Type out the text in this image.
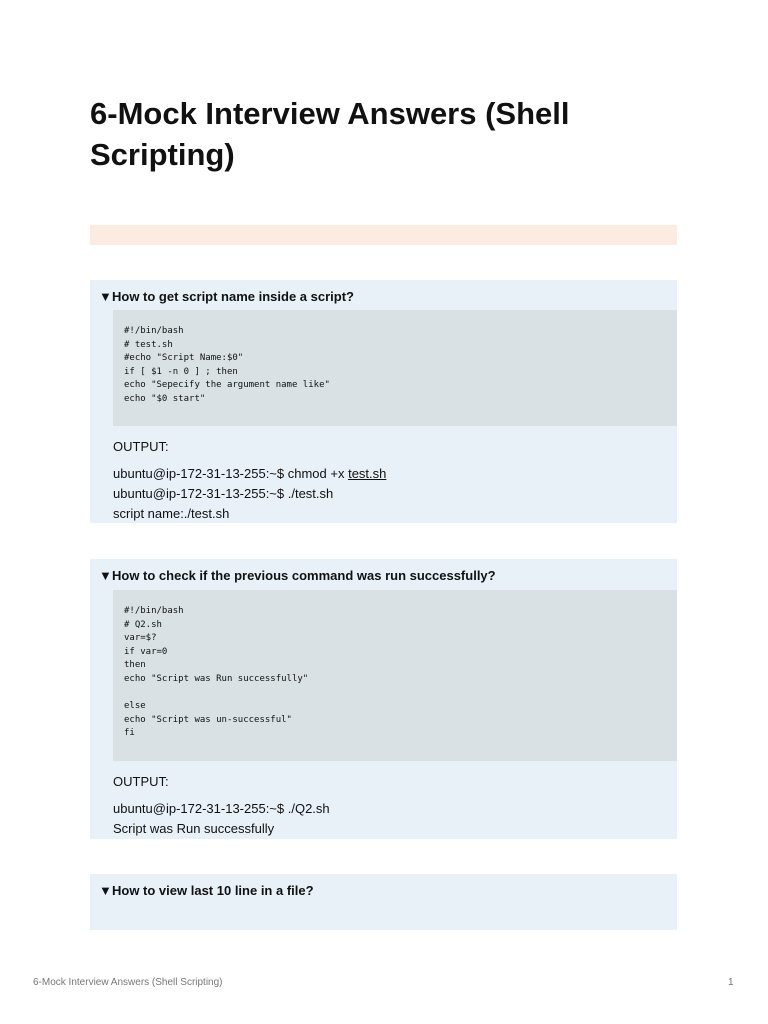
6-Mock Interview Answers (Shell Scripting)
▼How to get script name inside a script?
#!/bin/bash
# test.sh
#echo "Script Name:$0"
if [ $1 -n 0 ] ; then
echo "Sepecify the argument name like"
echo "$0 start"
OUTPUT:
ubuntu@ip-172-31-13-255:~$ chmod +x test.sh
ubuntu@ip-172-31-13-255:~$ ./test.sh
script name:./test.sh
▼How to check if the previous command was run successfully?
#!/bin/bash
# Q2.sh
var=$?
if var=0
then
echo "Script was Run successfully"
else
echo "Script was un-successful"
fi
OUTPUT:
ubuntu@ip-172-31-13-255:~$ ./Q2.sh
Script was Run successfully
▼How to view last 10 line in a file?
6-Mock Interview Answers (Shell Scripting)	1
